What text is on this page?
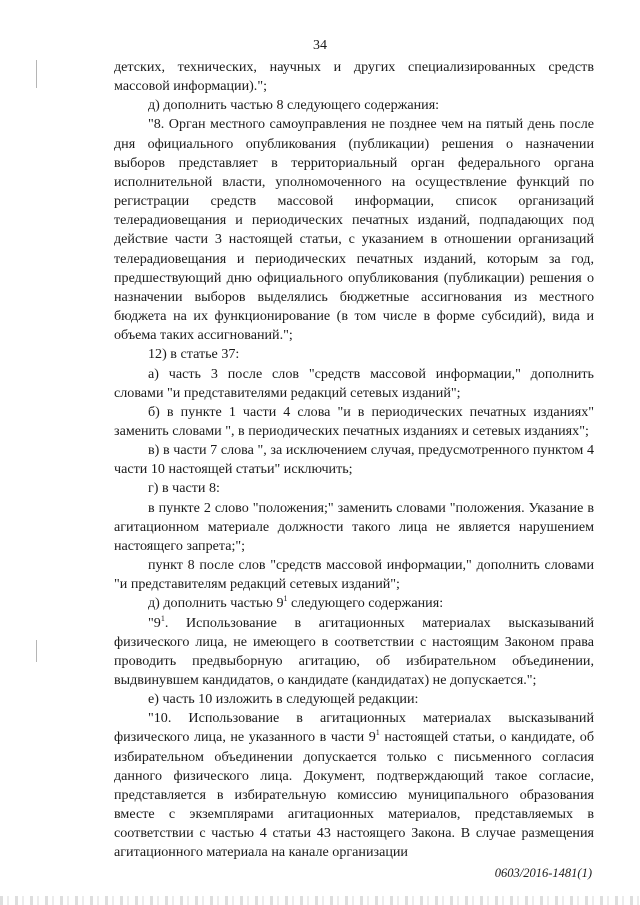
34

детских, технических, научных и других специализированных средств массовой информации).";

д) дополнить частью 8 следующего содержания:

"8. Орган местного самоуправления не позднее чем на пятый день после дня официального опубликования (публикации) решения о назначении выборов представляет в территориальный орган федерального органа исполнительной власти, уполномоченного на осуществление функций по регистрации средств массовой информации, список организаций телерадиовещания и периодических печатных изданий, подпадающих под действие части 3 настоящей статьи, с указанием в отношении организаций телерадиовещания и периодических печатных изданий, которым за год, предшествующий дню официального опубликования (публикации) решения о назначении выборов выделялись бюджетные ассигнования из местного бюджета на их функционирование (в том числе в форме субсидий), вида и объема таких ассигнований.";

12) в статье 37:

а) часть 3 после слов "средств массовой информации," дополнить словами "и представителями редакций сетевых изданий";

б) в пункте 1 части 4 слова "и в периодических печатных изданиях" заменить словами ", в периодических печатных изданиях и сетевых изданиях";

в) в части 7 слова ", за исключением случая, предусмотренного пунктом 4 части 10 настоящей статьи" исключить;

г) в части 8:

в пункте 2 слово "положения;" заменить словами "положения. Указание в агитационном материале должности такого лица не является нарушением настоящего запрета;";

пункт 8 после слов "средств массовой информации," дополнить словами "и представителям редакций сетевых изданий";

д) дополнить частью $9^1$ следующего содержания:

"$9^1$. Использование в агитационных материалах высказываний физического лица, не имеющего в соответствии с настоящим Законом права проводить предвыборную агитацию, об избирательном объединении, выдвинувшем кандидатов, о кандидате (кандидатах) не допускается.";

е) часть 10 изложить в следующей редакции:

"10. Использование в агитационных материалах высказываний физического лица, не указанного в части $9^1$ настоящей статьи, о кандидате, об избирательном объединении допускается только с письменного согласия данного физического лица. Документ, подтверждающий такое согласие, представляется в избирательную комиссию муниципального образования вместе с экземплярами агитационных материалов, представляемых в соответствии с частью 4 статьи 43 настоящего Закона. В случае размещения агитационного материала на канале организации

0603/2016-1481(1)
